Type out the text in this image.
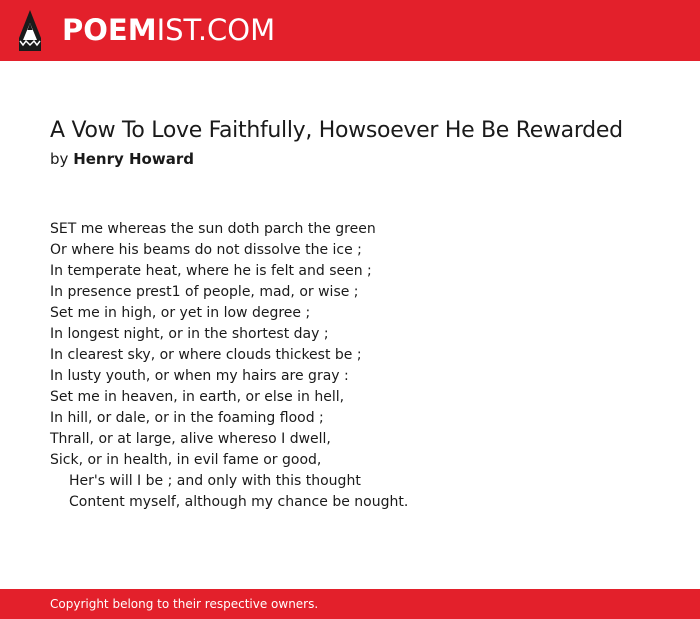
POEMIST.COM
A Vow To Love Faithfully, Howsoever He Be Rewarded
by Henry Howard
SET me whereas the sun doth parch the green
Or where his beams do not dissolve the ice ;
In temperate heat, where he is felt and seen ;
In presence prest1 of people, mad, or wise ;
Set me in high, or yet in low degree ;
In longest night, or in the shortest day ;
In clearest sky, or where clouds thickest be ;
In lusty youth, or when my hairs are gray :
Set me in heaven, in earth, or else in hell,
In hill, or dale, or in the foaming flood ;
Thrall, or at large, alive whereso I dwell,
Sick, or in health, in evil fame or good,
Her's will I be ; and only with this thought
Content myself, although my chance be nought.
Copyright belong to their respective owners.
